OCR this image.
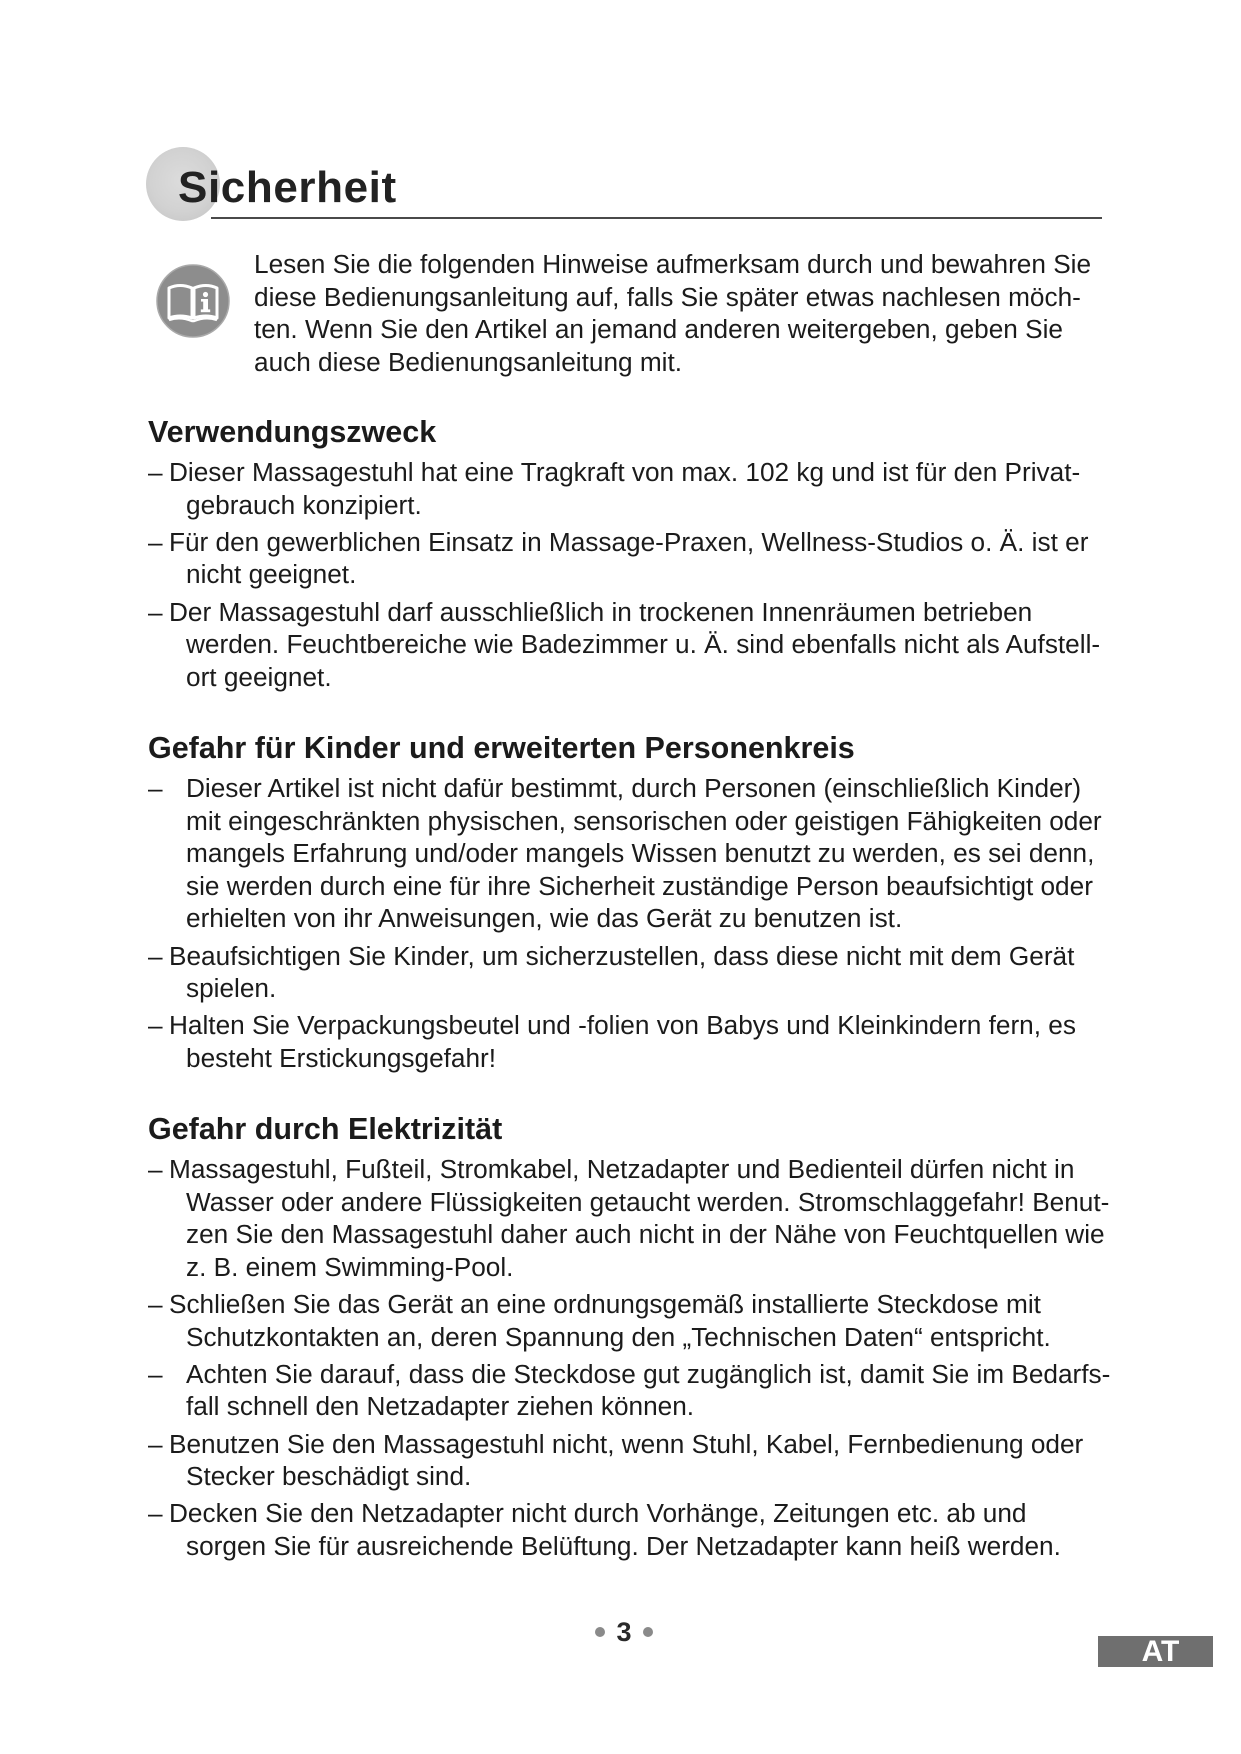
Sicherheit
Lesen Sie die folgenden Hinweise aufmerksam durch und bewahren Sie
diese Bedienungsanleitung auf, falls Sie später etwas nachlesen möch-
ten. Wenn Sie den Artikel an jemand anderen weitergeben, geben Sie
auch diese Bedienungsanleitung mit.
Verwendungszweck
– Dieser Massagestuhl hat eine Tragkraft von max. 102 kg und ist für den Privat-
gebrauch konzipiert.
– Für den gewerblichen Einsatz in Massage-Praxen, Wellness-Studios o. Ä. ist er
nicht geeignet.
– Der Massagestuhl darf ausschließlich in trockenen Innenräumen betrieben
werden. Feuchtbereiche wie Badezimmer u. Ä. sind ebenfalls nicht als Aufstell-
ort geeignet.
Gefahr für Kinder und erweiterten Personenkreis
– Dieser Artikel ist nicht dafür bestimmt, durch Personen (einschließlich Kinder)
mit eingeschränkten physischen, sensorischen oder geistigen Fähigkeiten oder
mangels Erfahrung und/oder mangels Wissen benutzt zu werden, es sei denn,
sie werden durch eine für ihre Sicherheit zuständige Person beaufsichtigt oder
erhielten von ihr Anweisungen, wie das Gerät zu benutzen ist.
– Beaufsichtigen Sie Kinder, um sicherzustellen, dass diese nicht mit dem Gerät
spielen.
– Halten Sie Verpackungsbeutel und -folien von Babys und Kleinkindern fern, es
besteht Erstickungsgefahr!
Gefahr durch Elektrizität
– Massagestuhl, Fußteil, Stromkabel, Netzadapter und Bedienteil dürfen nicht in
Wasser oder andere Flüssigkeiten getaucht werden. Stromschlaggefahr! Benut-
zen Sie den Massagestuhl daher auch nicht in der Nähe von Feuchtquellen wie
z. B. einem Swimming-Pool.
– Schließen Sie das Gerät an eine ordnungsgemäß installierte Steckdose mit
Schutzkontakten an, deren Spannung den „Technischen Daten“ entspricht.
– Achten Sie darauf, dass die Steckdose gut zugänglich ist, damit Sie im Bedarfs-
fall schnell den Netzadapter ziehen können.
– Benutzen Sie den Massagestuhl nicht, wenn Stuhl, Kabel, Fernbedienung oder
Stecker beschädigt sind.
– Decken Sie den Netzadapter nicht durch Vorhänge, Zeitungen etc. ab und
sorgen Sie für ausreichende Belüftung. Der Netzadapter kann heiß werden.
3
AT
